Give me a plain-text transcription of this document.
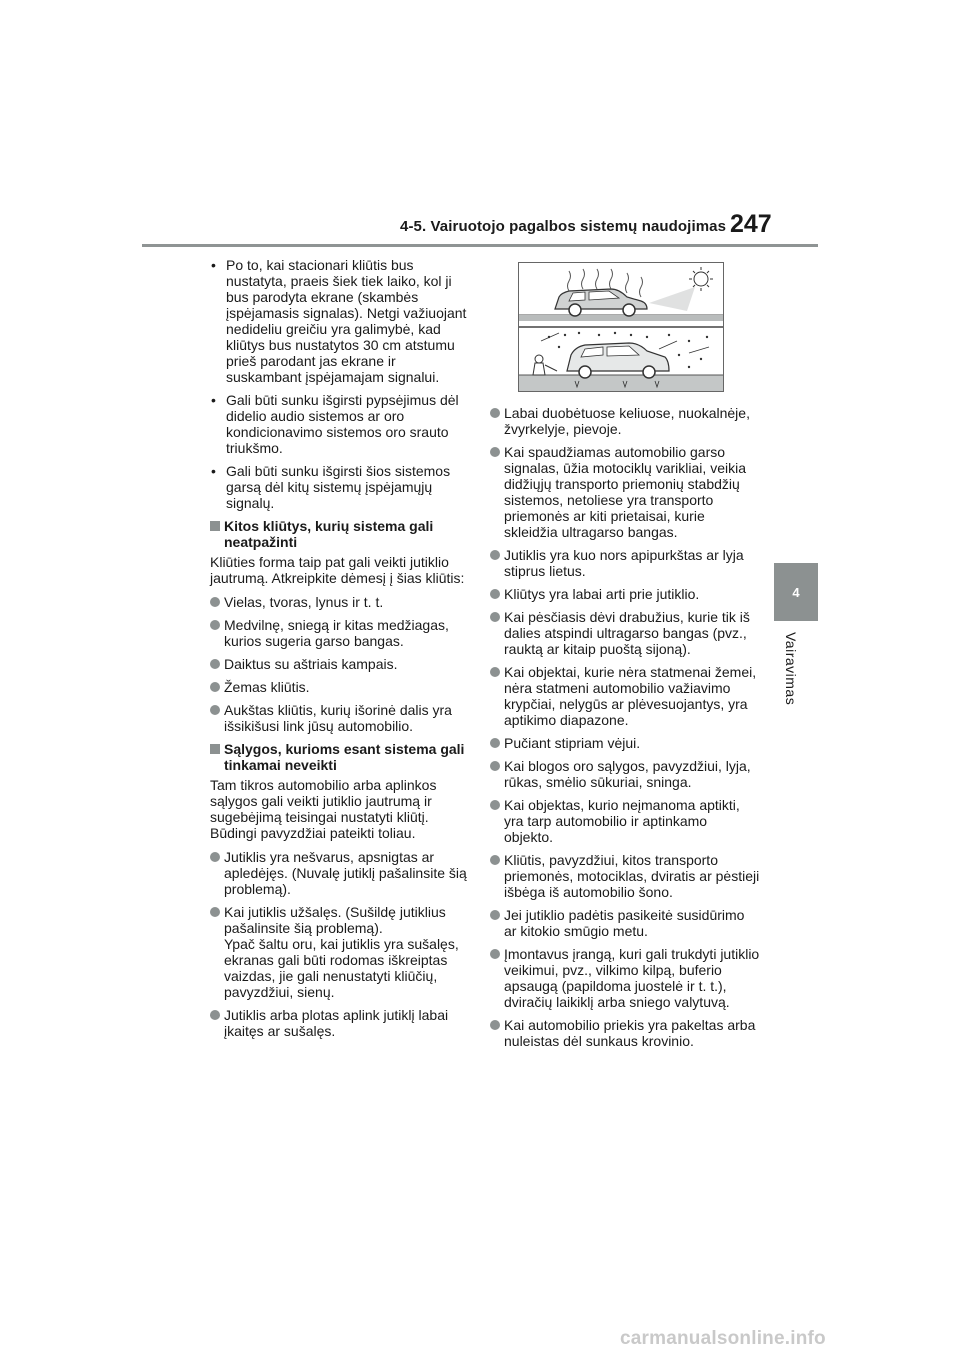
4-5. Vairuotojo pagalbos sistemų naudojimas 247
4
Vairavimas
• Po to, kai stacionari kliūtis bus nustatyta, praeis šiek tiek laiko, kol ji bus parodyta ekrane (skambės įspėjamasis signalas). Netgi važiuojant nedideliu greičiu yra galimybė, kad kliūtys bus nustatytos 30 cm atstumu prieš parodant jas ekrane ir suskambant įspėjamajam signalui.
• Gali būti sunku išgirsti pypsėjimus dėl didelio audio sistemos ar oro kondicionavimo sistemos oro srauto triukšmo.
• Gali būti sunku išgirsti šios sistemos garsą dėl kitų sistemų įspėjamųjų signalų.
Kitos kliūtys, kurių sistema gali neatpažinti
Kliūties forma taip pat gali veikti jutiklio jautrumą. Atkreipkite dėmesį į šias kliūtis:
Vielas, tvoras, lynus ir t. t.
Medvilnę, sniegą ir kitas medžiagas, kurios sugeria garso bangas.
Daiktus su aštriais kampais.
Žemas kliūtis.
Aukštas kliūtis, kurių išorinė dalis yra išsikišusi link jūsų automobilio.
Sąlygos, kurioms esant sistema gali tinkamai neveikti
Tam tikros automobilio arba aplinkos sąlygos gali veikti jutiklio jautrumą ir sugebėjimą teisingai nustatyti kliūtį. Būdingi pavyzdžiai pateikti toliau.
Jutiklis yra nešvarus, apsnigtas ar apledėjęs. (Nuvalę jutiklį pašalinsite šią problemą).
Kai jutiklis užšalęs. (Sušildę jutiklius pašalinsite šią problemą).
Ypač šaltu oru, kai jutiklis yra sušalęs, ekranas gali būti rodomas iškreiptas vaizdas, jie gali nenustatyti kliūčių, pavyzdžiui, sienų.
Jutiklis arba plotas aplink jutiklį labai įkaitęs ar sušalęs.
Labai duobėtuose keliuose, nuokalnėje, žvyrkelyje, pievoje.
Kai spaudžiamas automobilio garso signalas, ūžia motociklų varikliai, veikia didžiųjų transporto priemonių stabdžių sistemos, netoliese yra transporto priemonės ar kiti prietaisai, kurie skleidžia ultragarso bangas.
Jutiklis yra kuo nors apipurkštas ar lyja stiprus lietus.
Kliūtys yra labai arti prie jutiklio.
Kai pėsčiasis dėvi drabužius, kurie tik iš dalies atspindi ultragarso bangas (pvz., rauktą ar kitaip puoštą sijoną).
Kai objektai, kurie nėra statmenai žemei, nėra statmeni automobilio važiavimo krypčiai, nelygūs ar plėvesuojantys, yra aptikimo diapazone.
Pučiant stipriam vėjui.
Kai blogos oro sąlygos, pavyzdžiui, lyja, rūkas, smėlio sūkuriai, sninga.
Kai objektas, kurio neįmanoma aptikti, yra tarp automobilio ir aptinkamo objekto.
Kliūtis, pavyzdžiui, kitos transporto priemonės, motociklas, dviratis ar pėstieji išbėga iš automobilio šono.
Jei jutiklio padėtis pasikeitė susidūrimo ar kitokio smūgio metu.
Įmontavus įrangą, kuri gali trukdyti jutiklio veikimui, pvz., vilkimo kilpą, buferio apsaugą (papildoma juostelė ir t. t.), dviračių laikiklį arba sniego valytuvą.
Kai automobilio priekis yra pakeltas arba nuleistas dėl sunkaus krovinio.
carmanualsonline.info
